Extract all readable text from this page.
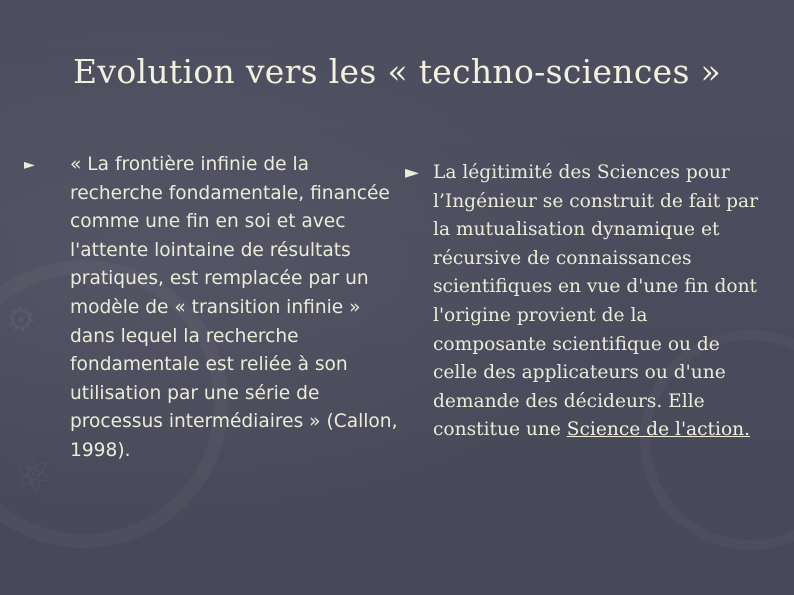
⚙
⚛
Evolution vers les « techno-sciences »
► « La frontière infinie de la recherche fondamentale, financée comme une fin en soi et avec l'attente lointaine de résultats pratiques, est remplacée par un modèle de « transition infinie » dans lequel la recherche fondamentale est reliée à son utilisation par une série de processus intermédiaires » (Callon, 1998).
► La légitimité des Sciences pour l’Ingénieur se construit de fait par la mutualisation dynamique et récursive de connaissances scientifiques en vue d'une fin dont l'origine provient de la composante scientifique ou de celle des applicateurs ou d'une demande des décideurs. Elle constitue une Science de l'action.
